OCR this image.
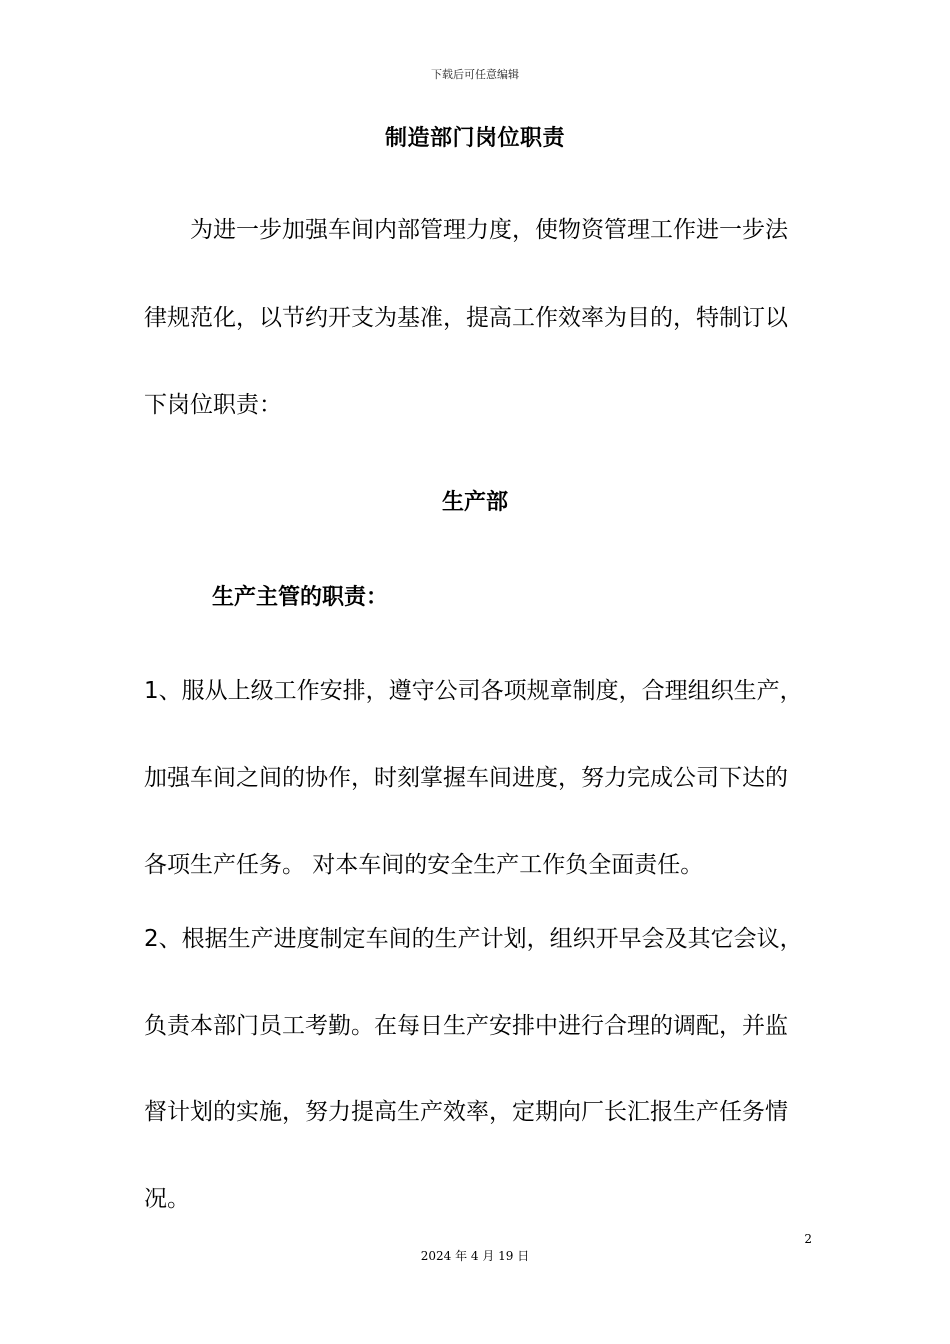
下载后可任意编辑
制造部门岗位职责
为进一步加强车间内部管理力度，使物资管理工作进一步法
律规范化，以节约开支为基准，提高工作效率为目的，特制订以
下岗位职责：
生产部
生产主管的职责：
1、服从上级工作安排，遵守公司各项规章制度，合理组织生产，
加强车间之间的协作，时刻掌握车间进度，努力完成公司下达的
各项生产任务。 对本车间的安全生产工作负全面责任。
2、根据生产进度制定车间的生产计划，组织开早会及其它会议，
负责本部门员工考勤。在每日生产安排中进行合理的调配，并监
督计划的实施，努力提高生产效率，定期向厂长汇报生产任务情
况。
2
2024 年 4 月 19 日
